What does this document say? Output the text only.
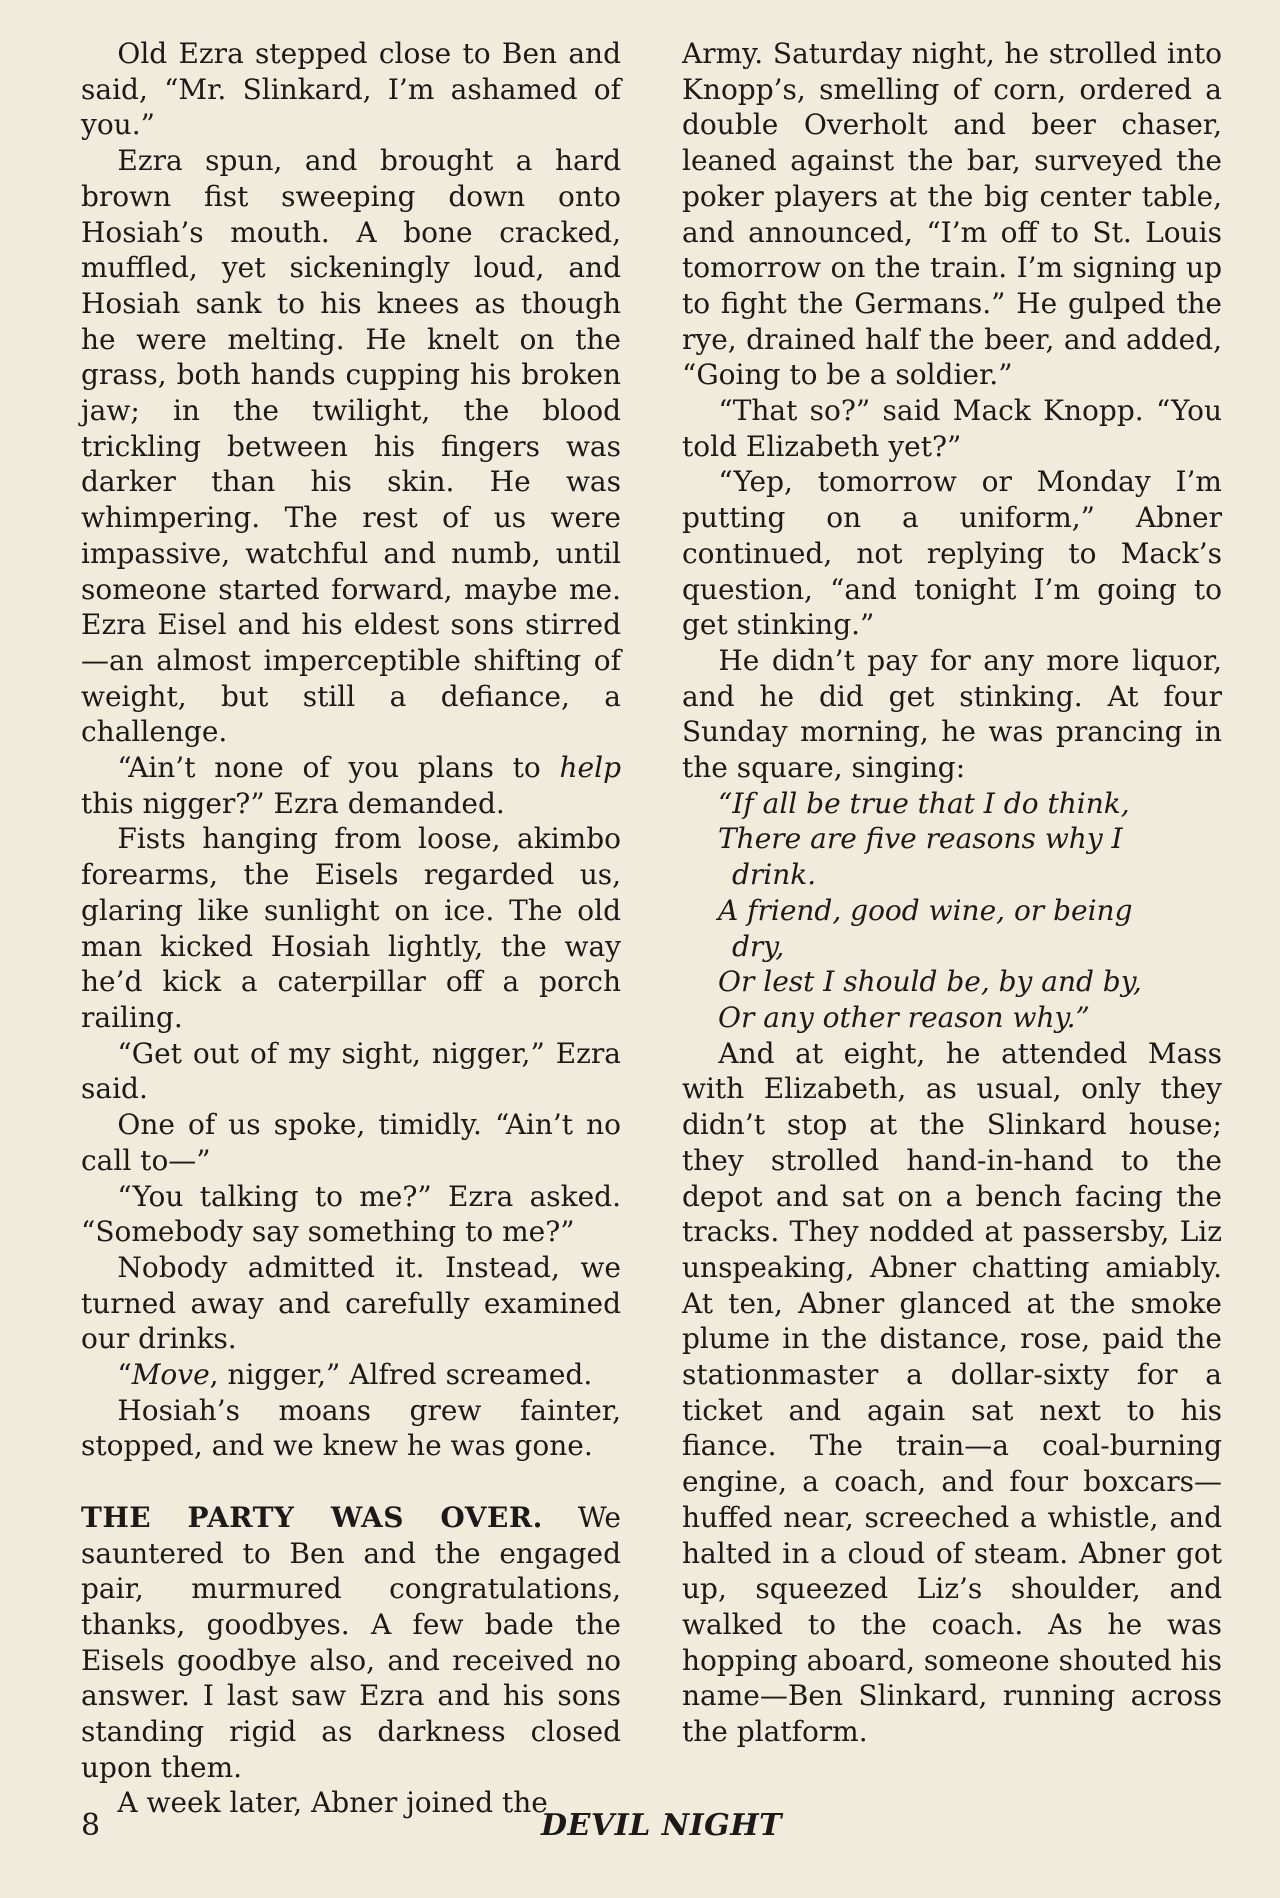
Old Ezra stepped close to Ben and said, “Mr. Slinkard, I’m ashamed of you.”

Ezra spun, and brought a hard brown fist sweeping down onto Hosiah’s mouth. A bone cracked, muffled, yet sickeningly loud, and Hosiah sank to his knees as though he were melting. He knelt on the grass, both hands cupping his broken jaw; in the twilight, the blood trickling between his fingers was darker than his skin. He was whimpering. The rest of us were impassive, watchful and numb, until someone started forward, maybe me. Ezra Eisel and his eldest sons stirred—an almost imperceptible shifting of weight, but still a defiance, a challenge.

“Ain’t none of you plans to help this nigger?” Ezra demanded.

Fists hanging from loose, akimbo forearms, the Eisels regarded us, glaring like sunlight on ice. The old man kicked Hosiah lightly, the way he’d kick a caterpillar off a porch railing.

“Get out of my sight, nigger,” Ezra said.

One of us spoke, timidly. “Ain’t no call to—”

“You talking to me?” Ezra asked. “Somebody say something to me?”

Nobody admitted it. Instead, we turned away and carefully examined our drinks.

“Move, nigger,” Alfred screamed.

Hosiah’s moans grew fainter, stopped, and we knew he was gone.

THE PARTY WAS OVER. We sauntered to Ben and the engaged pair, murmured congratulations, thanks, goodbyes. A few bade the Eisels goodbye also, and received no answer. I last saw Ezra and his sons standing rigid as darkness closed upon them.

A week later, Abner joined the

Army. Saturday night, he strolled into Knopp’s, smelling of corn, ordered a double Overholt and beer chaser, leaned against the bar, surveyed the poker players at the big center table, and announced, “I’m off to St. Louis tomorrow on the train. I’m signing up to fight the Germans.” He gulped the rye, drained half the beer, and added, “Going to be a soldier.”

“That so?” said Mack Knopp. “You told Elizabeth yet?”

“Yep, tomorrow or Monday I’m putting on a uniform,” Abner continued, not replying to Mack’s question, “and tonight I’m going to get stinking.”

He didn’t pay for any more liquor, and he did get stinking. At four Sunday morning, he was prancing in the square, singing:

“If all be true that I do think,
There are five reasons why I
drink.
A friend, good wine, or being
dry,
Or lest I should be, by and by,
Or any other reason why.”

And at eight, he attended Mass with Elizabeth, as usual, only they didn’t stop at the Slinkard house; they strolled hand-in-hand to the depot and sat on a bench facing the tracks. They nodded at passersby, Liz unspeaking, Abner chatting amiably. At ten, Abner glanced at the smoke plume in the distance, rose, paid the stationmaster a dollar-sixty for a ticket and again sat next to his fiance. The train—a coal-burning engine, a coach, and four boxcars—huffed near, screeched a whistle, and halted in a cloud of steam. Abner got up, squeezed Liz’s shoulder, and walked to the coach. As he was hopping aboard, someone shouted his name—Ben Slinkard, running across the platform.

8	DEVIL NIGHT
